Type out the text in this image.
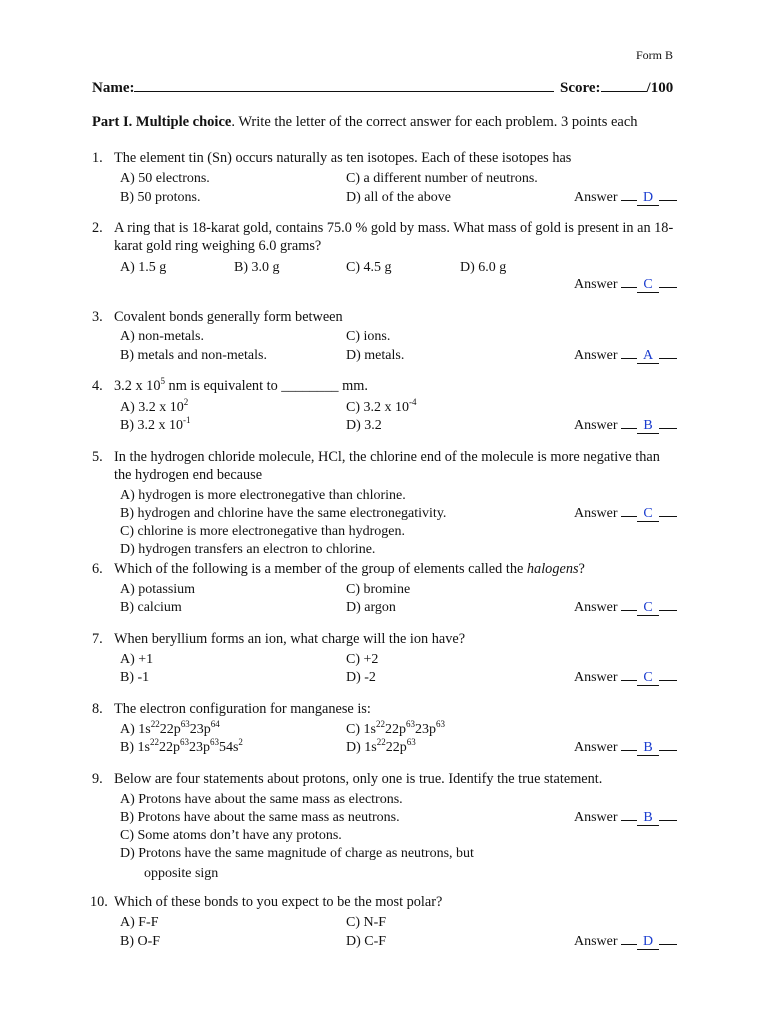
Form B
Name:	Score:	/100
Part I. Multiple choice. Write the letter of the correct answer for each problem. 3 points each
1. The element tin (Sn) occurs naturally as ten isotopes. Each of these isotopes has
A) 50 electrons.
B) 50 protons.
C) a different number of neutrons.
D) all of the above	Answer D
2. A ring that is 18-karat gold, contains 75.0 % gold by mass. What mass of gold is present in an 18-karat gold ring weighing 6.0 grams?
A) 1.5 g	B) 3.0 g	C) 4.5 g	D) 6.0 g
Answer C
3. Covalent bonds generally form between
A) non-metals.
B) metals and non-metals.
C) ions.
D) metals.	Answer A
4. 3.2 x $10^5$ nm is equivalent to ________ mm.
A) 3.2 x $10^2$
B) 3.2 x $10^{-1}$
C) 3.2 x $10^{-4}$
D) 3.2	Answer B
5. In the hydrogen chloride molecule, HCl, the chlorine end of the molecule is more negative than the hydrogen end because
A) hydrogen is more electronegative than chlorine.
B) hydrogen and chlorine have the same electronegativity.
C) chlorine is more electronegative than hydrogen.
D) hydrogen transfers an electron to chlorine.
Answer C
6. Which of the following is a member of the group of elements called the halogens?
A) potassium
B) calcium
C) bromine
D) argon	Answer C
7. When beryllium forms an ion, what charge will the ion have?
A) +1
B) -1
C) +2
D) -2	Answer C
8. The electron configuration for manganese is:
A) $1s^{22}22p^{63}23p^{64}$
B) $1s^{22}22p^{63}23p^{63}54s^2$
C) $1s^{22}22p^{63}23p^{63}$
D) $1s^{22}22p^{63}$	Answer B
9. Below are four statements about protons, only one is true. Identify the true statement.
A) Protons have about the same mass as electrons.
B) Protons have about the same mass as neutrons.
C) Some atoms don’t have any protons.
D) Protons have the same magnitude of charge as neutrons, but
opposite sign
Answer B
10. Which of these bonds to you expect to be the most polar?
A) F-F
B) O-F
C) N-F
D) C-F	Answer D
